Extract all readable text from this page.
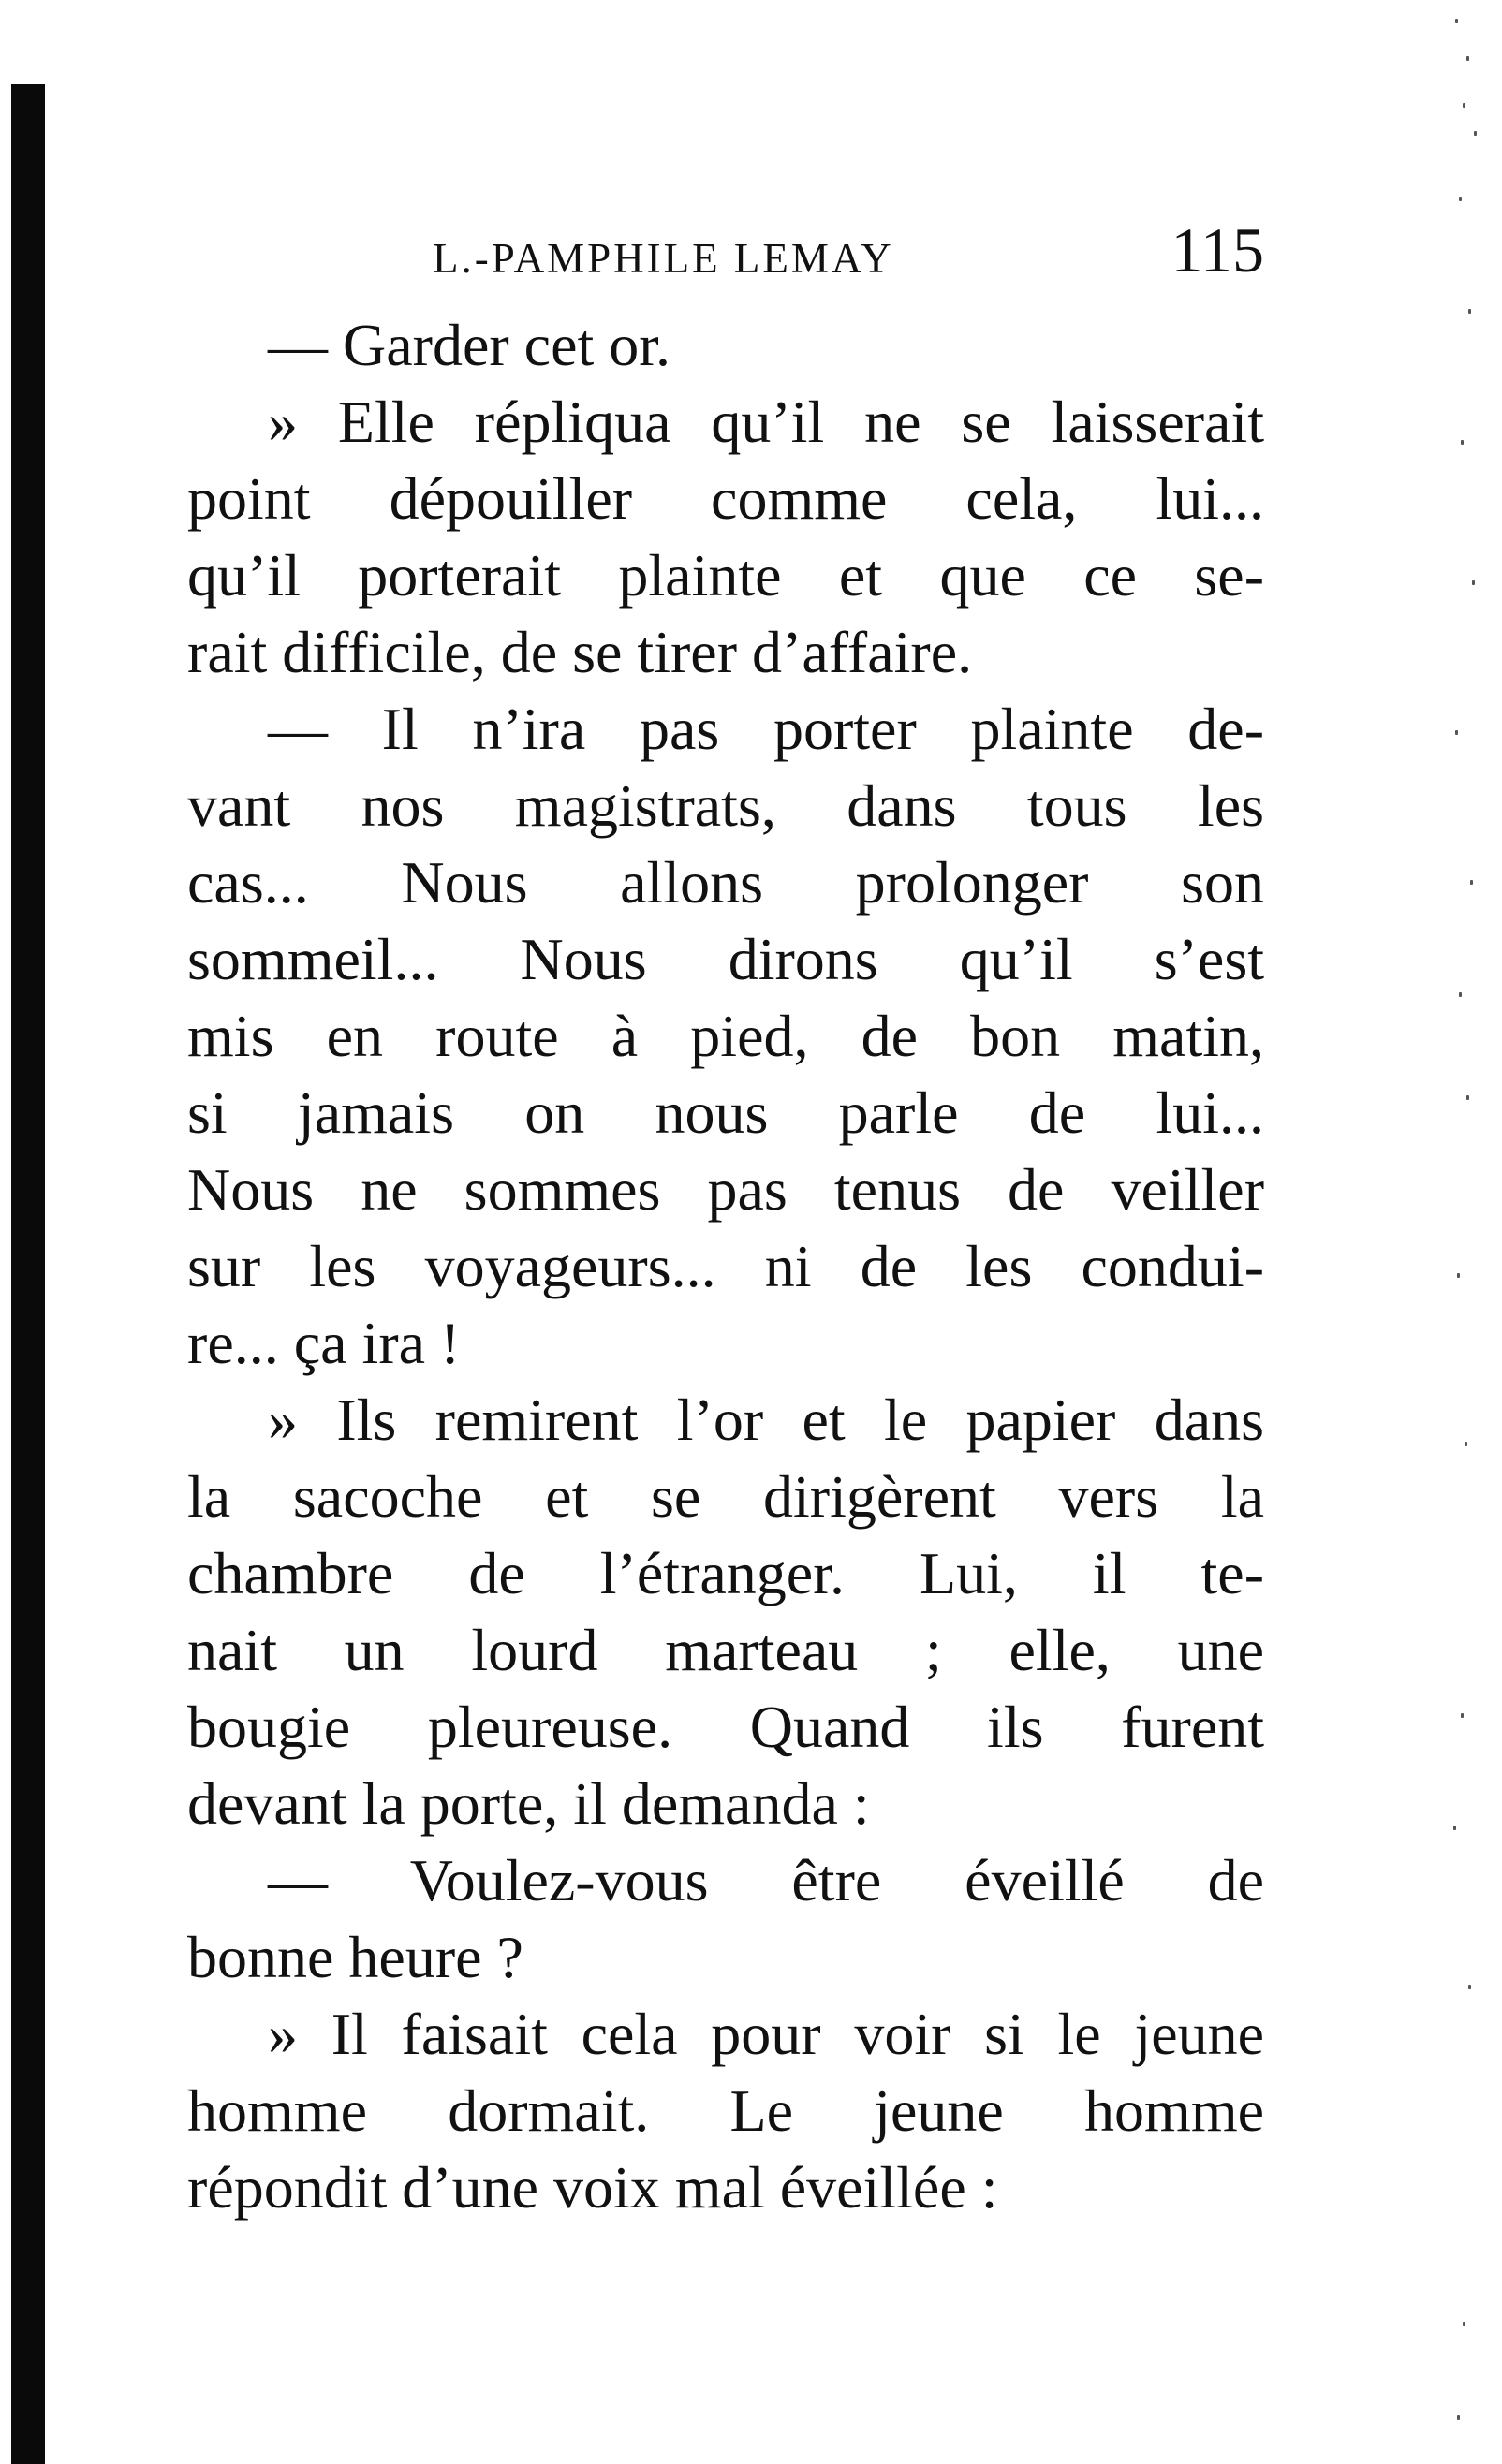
L.-PAMPHILE LEMAY	115
— Garder cet or.
» Elle répliqua qu’il ne se laisserait
point dépouiller comme cela, lui...
qu’il porterait plainte et que ce se-
rait difficile, de se tirer d’affaire.
— Il n’ira pas porter plainte de-
vant nos magistrats, dans tous les
cas... Nous allons prolonger son
sommeil... Nous dirons qu’il s’est
mis en route à pied, de bon matin,
si jamais on nous parle de lui...
Nous ne sommes pas tenus de veiller
sur les voyageurs... ni de les condui-
re... ça ira !
» Ils remirent l’or et le papier dans
la sacoche et se dirigèrent vers la
chambre de l’étranger. Lui, il te-
nait un lourd marteau ; elle, une
bougie pleureuse. Quand ils furent
devant la porte, il demanda :
— Voulez-vous être éveillé de
bonne heure ?
» Il faisait cela pour voir si le jeune
homme dormait. Le jeune homme
répondit d’une voix mal éveillée :
